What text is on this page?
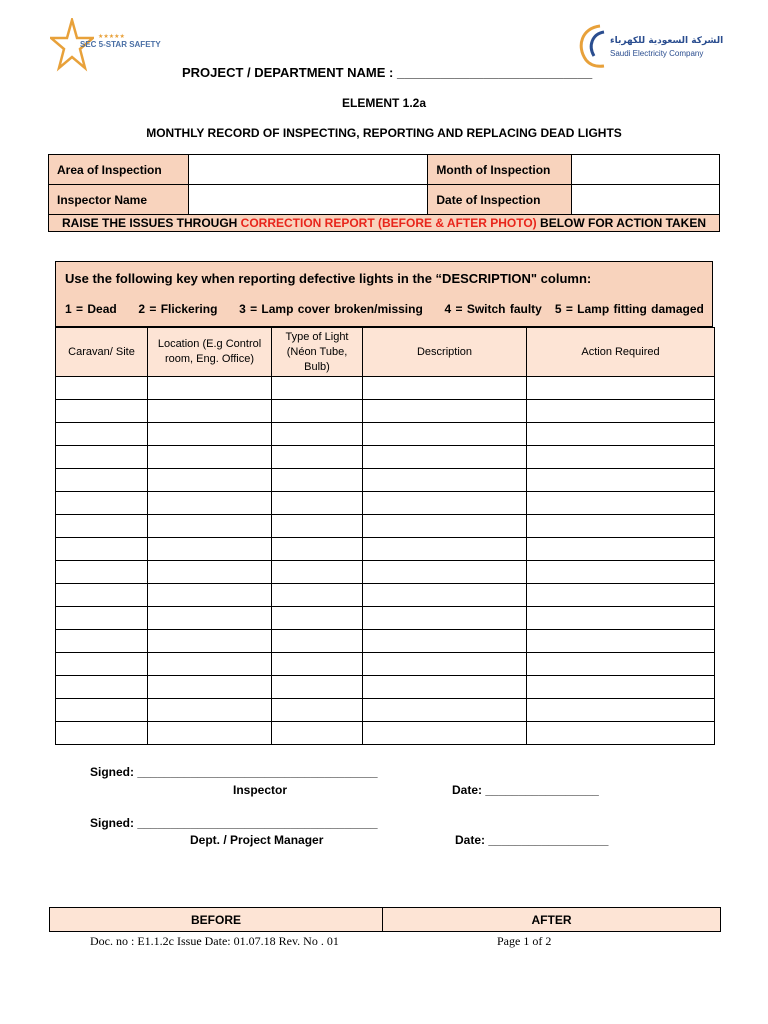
★★★★★
SEC 5-STAR SAFETY	الشركة السعودية للكهرباء
Saudi Electricity Company
PROJECT / DEPARTMENT NAME : ___________________________
ELEMENT 1.2a
MONTHLY RECORD OF INSPECTING, REPORTING AND REPLACING DEAD LIGHTS
Area of Inspection		Month of Inspection	
Inspector Name		Date of Inspection	
RAISE THE ISSUES THROUGH CORRECTION REPORT (BEFORE & AFTER PHOTO) BELOW FOR ACTION TAKEN			
Use the following key when reporting defective lights in the “DESCRIPTION" column:
1 = Dead     2 = Flickering     3 = Lamp cover broken/missing     4 = Switch faulty   5 = Lamp fitting damaged
Caravan/ Site	Location (E.g Control room, Eng. Office)	Type of Light (Néon Tube, Bulb)	Description	Action Required

Signed: ____________________________________
Inspector	Date: _________________
Signed: ____________________________________
Dept. / Project Manager	Date: __________________
BEFORE	AFTER
Doc. no : E1.1.2c Issue Date: 01.07.18 Rev. No . 01	Page 1 of 2
